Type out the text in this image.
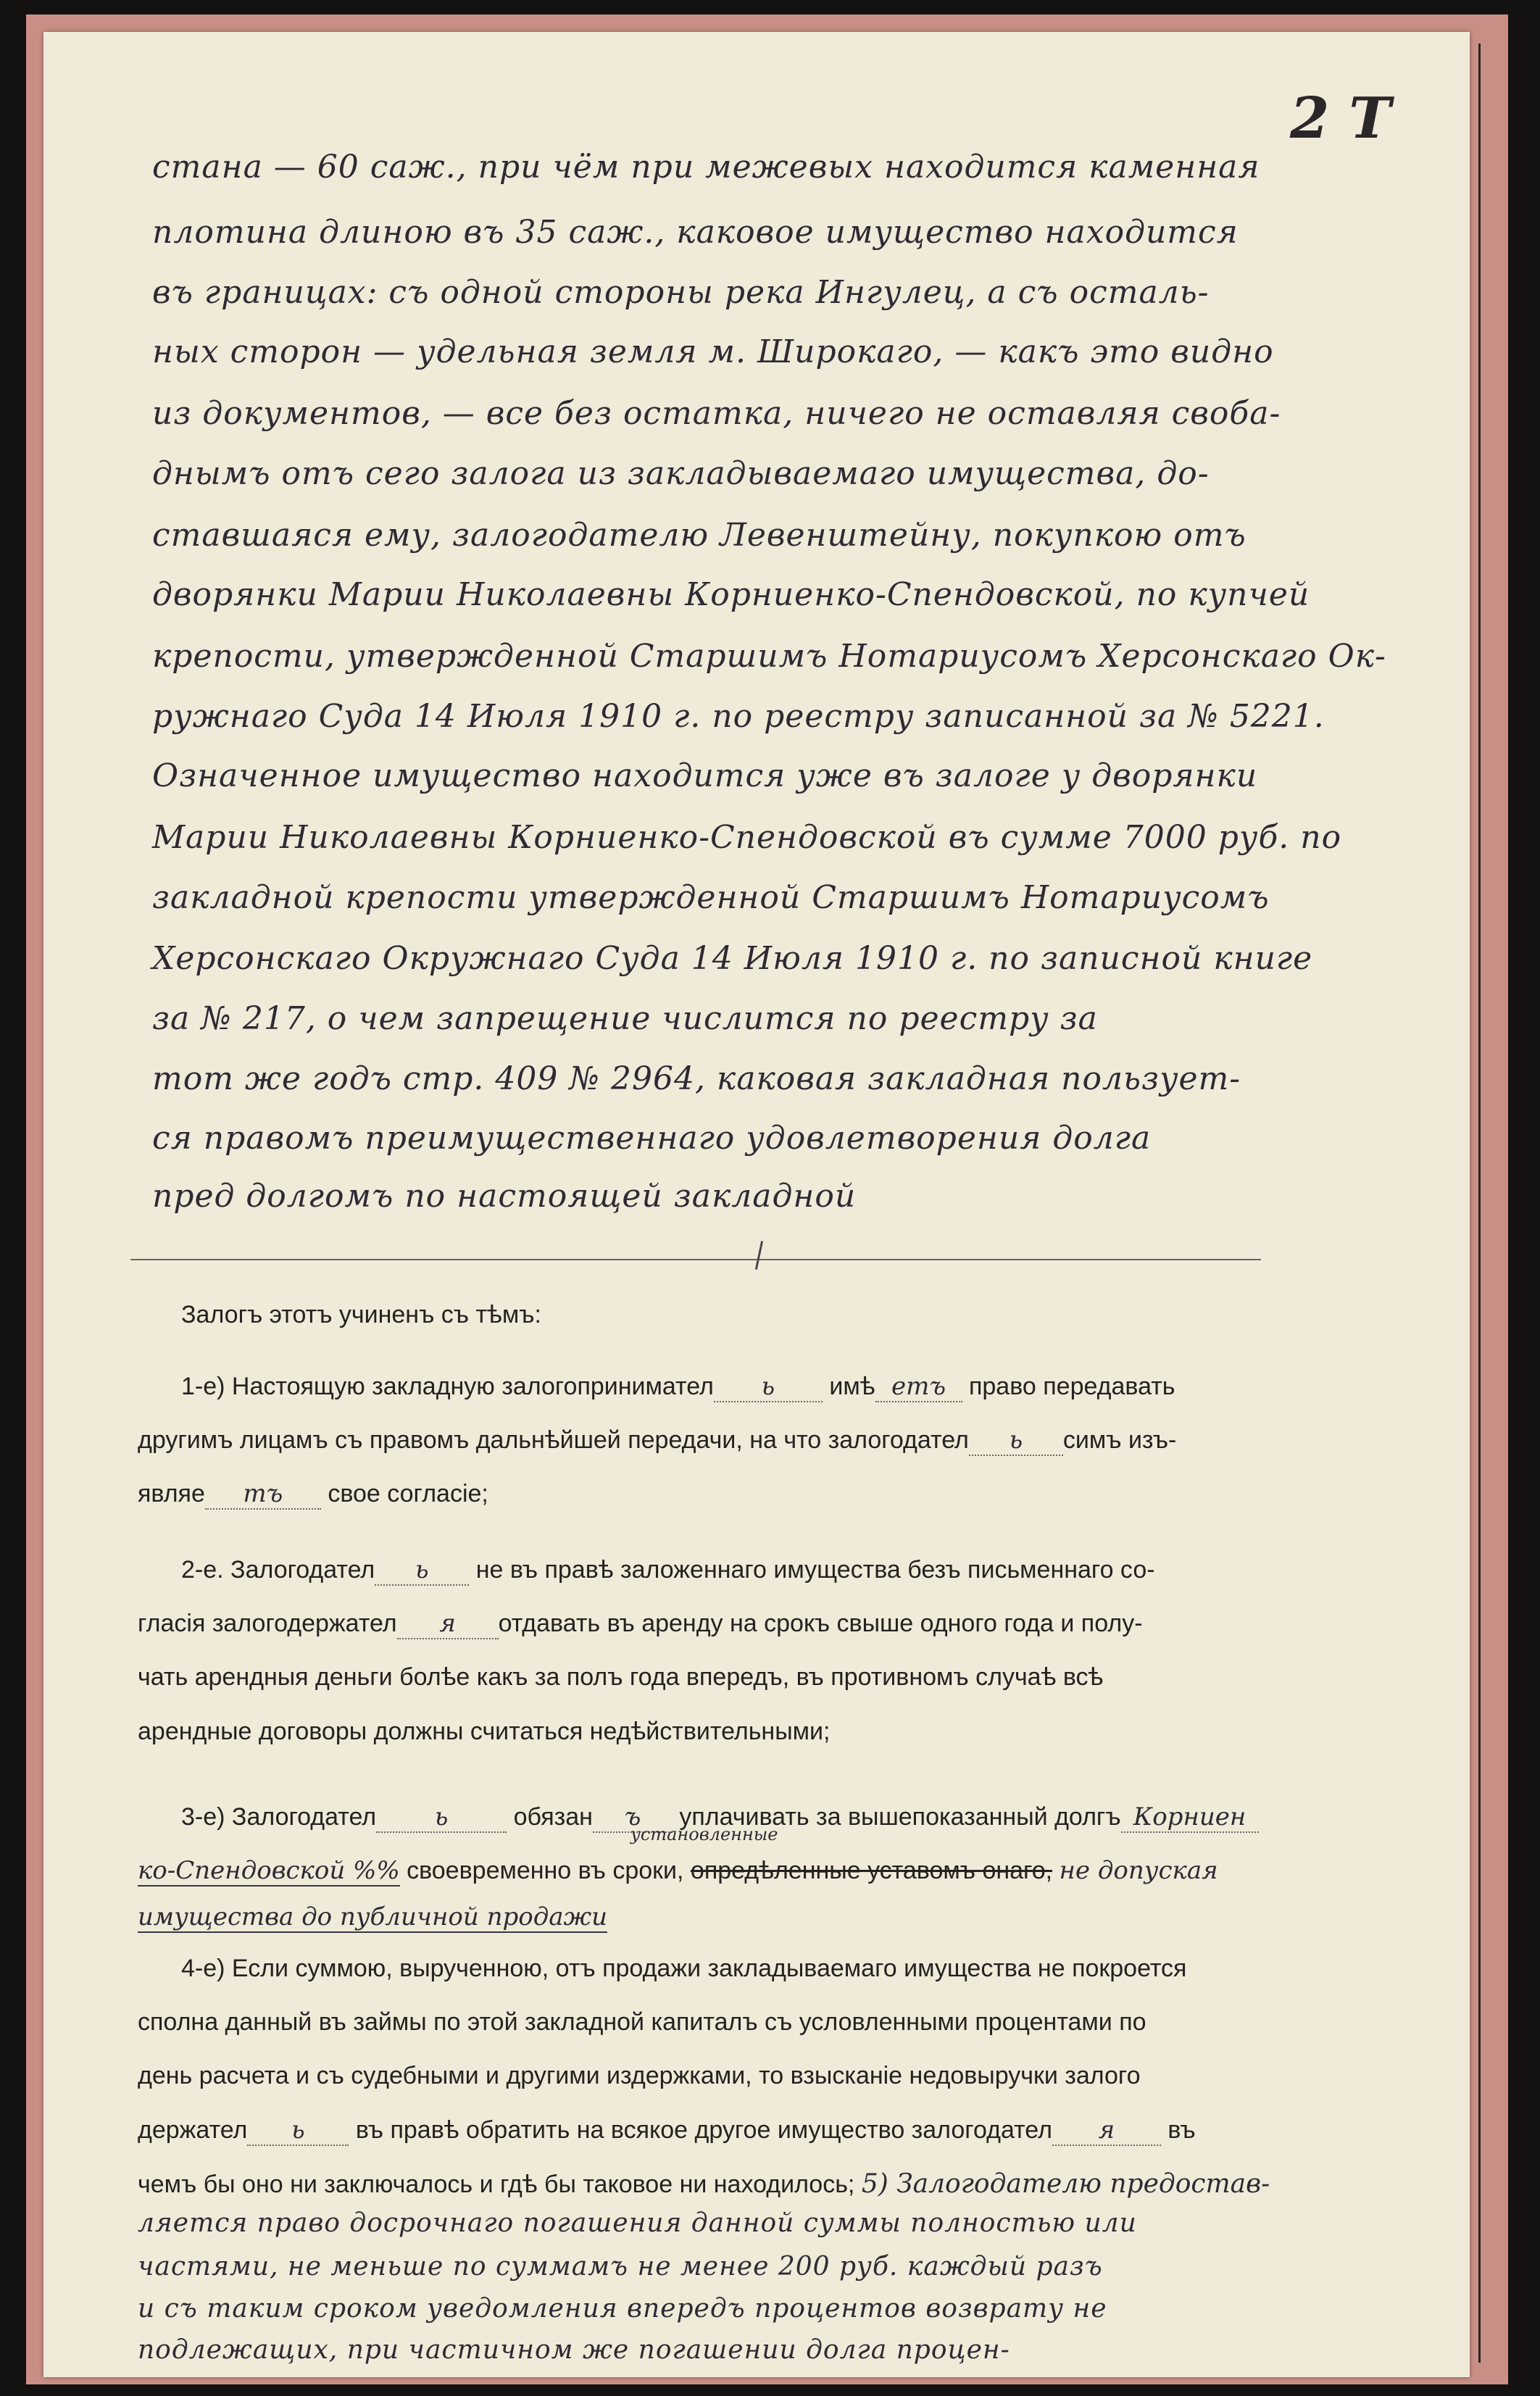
2 Т
стана — 60 саж., при чём при межевых находится каменная
плотина длиною въ 35 саж., каковое имущество находится
въ границах: съ одной стороны река Ингулец, а съ осталь-
ных сторон — удельная земля м. Широкаго, — какъ это видно
из документов, — все без остатка, ничего не оставляя своба-
днымъ отъ сего залога из закладываемаго имущества, до-
ставшаяся ему, залогодателю Левенштейну, покупкою отъ
дворянки Марии Николаевны Корниенко-Спендовской, по купчей
крепости, утвержденной Старшимъ Нотариусомъ Херсонскаго Ок-
ружнаго Суда 14 Июля 1910 г. по реестру записанной за № 5221.
Означенное имущество находится уже въ залоге у дворянки
Марии Николаевны Корниенко-Спендовской въ сумме 7000 руб. по
закладной крепости утвержденной Старшимъ Нотариусомъ
Херсонскаго Окружнаго Суда 14 Июля 1910 г. по записной книге
за № 217, о чем запрещение числится по реестру за
тот же годъ стр. 409 № 2964, каковая закладная пользует-
ся правомъ преимущественнаго удовлетворения долга
пред долгомъ по настоящей закладной
Залогъ этотъ учиненъ съ тѣмъ:
1-е) Настоящую закладную залогопринимател ь имѣ етъ право передавать
другимъ лицамъ съ правомъ дальнѣйшей передачи, на что залогодател ь симъ изъ-
являе тъ свое согласіе;
2-е. Залогодател ь не въ правѣ заложеннаго имущества безъ письменнаго со-
гласія залогодержател я отдавать въ аренду на срокъ свыше одного года и полу-
чать арендныя деньги болѣе какъ за полъ года впередъ, въ противномъ случаѣ всѣ
арендные договоры должны считаться недѣйствительными;
3-е) Залогодател ь	обязан ъ уплачивать за вышепоказанный долгъ Корниен
установленные
ко-Спендовской %% своевременно въ сроки, опредѣленные уставомъ онаго, не допуская
имущества до публичной продажи
4-е) Если суммою, вырученною, отъ продажи закладываемаго имущества не покроется
сполна данный въ займы по этой закладной капиталъ съ условленными процентами по
день расчета и съ судебными и другими издержками, то взысканіе недовыручки залого
держател ь въ правѣ обратить на всякое другое имущество залогодател я въ
чемъ бы оно ни заключалось и гдѣ бы таковое ни находилось; 5) Залогодателю предостав-
ляется право досрочнаго погашения данной суммы полностью или
частями, не меньше по суммамъ не менее 200 руб. каждый разъ
и съ таким сроком уведомления впередъ процентов возврату не
подлежащих, при частичном же погашении долга процен-
